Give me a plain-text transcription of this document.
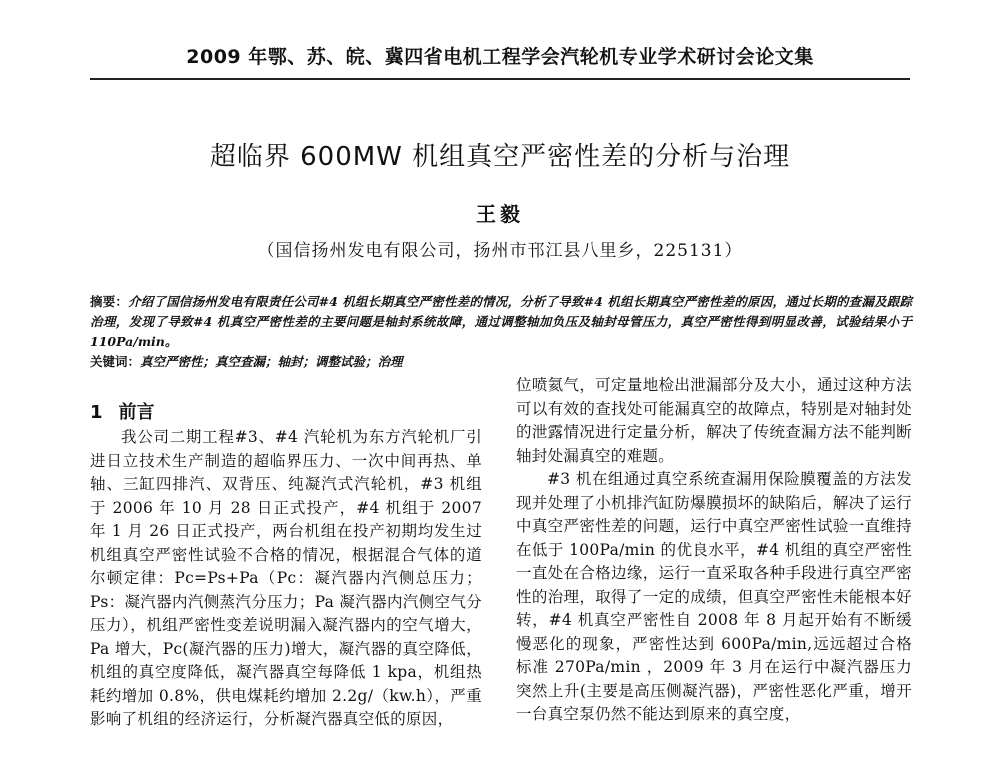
2009 年鄂、苏、皖、冀四省电机工程学会汽轮机专业学术研讨会论文集
超临界 600MW 机组真空严密性差的分析与治理
王毅
（国信扬州发电有限公司，扬州市邗江县八里乡，225131）
摘要：介绍了国信扬州发电有限责任公司#4 机组长期真空严密性差的情况，分析了导致#4 机组长期真空严密性差的原因，通过长期的查漏及跟踪治理，发现了导致#4 机真空严密性差的主要问题是轴封系统故障，通过调整轴加负压及轴封母管压力，真空严密性得到明显改善，试验结果小于 110Pa/min。
关键词：真空严密性；真空查漏；轴封；调整试验；治理
1 前言

我公司二期工程#3、#4 汽轮机为东方汽轮机厂引进日立技术生产制造的超临界压力、一次中间再热、单轴、三缸四排汽、双背压、纯凝汽式汽轮机，#3 机组于 2006 年 10 月 28 日正式投产，#4 机组于 2007 年 1 月 26 日正式投产，两台机组在投产初期均发生过机组真空严密性试验不合格的情况，根据混合气体的道尔顿定律：Pc=Ps+Pa（Pc：凝汽器内汽侧总压力；Ps：凝汽器内汽侧蒸汽分压力；Pa 凝汽器内汽侧空气分压力），机组严密性变差说明漏入凝汽器内的空气增大，Pa 增大，Pc(凝汽器的压力)增大，凝汽器的真空降低，机组的真空度降低，凝汽器真空每降低 1 kpa，机组热耗约增加 0.8%，供电煤耗约增加 2.2g/（kw.h），严重影响了机组的经济运行，分析凝汽器真空低的原因，

位喷氦气，可定量地检出泄漏部分及大小，通过这种方法可以有效的查找处可能漏真空的故障点，特别是对轴封处的泄露情况进行定量分析，解决了传统查漏方法不能判断轴封处漏真空的难题。

#3 机在组通过真空系统查漏用保险膜覆盖的方法发现并处理了小机排汽缸防爆膜损坏的缺陷后，解决了运行中真空严密性差的问题，运行中真空严密性试验一直维持在低于 100Pa/min 的优良水平，#4 机组的真空严密性一直处在合格边缘，运行一直采取各种手段进行真空严密性的治理，取得了一定的成绩，但真空严密性未能根本好转，#4 机真空严密性自 2008 年 8 月起开始有不断缓慢恶化的现象，严密性达到 600Pa/min,远远超过合格标准 270Pa/min ，2009 年 3 月在运行中凝汽器压力突然上升(主要是高压侧凝汽器)，严密性恶化严重，增开一台真空泵仍然不能达到原来的真空度，
